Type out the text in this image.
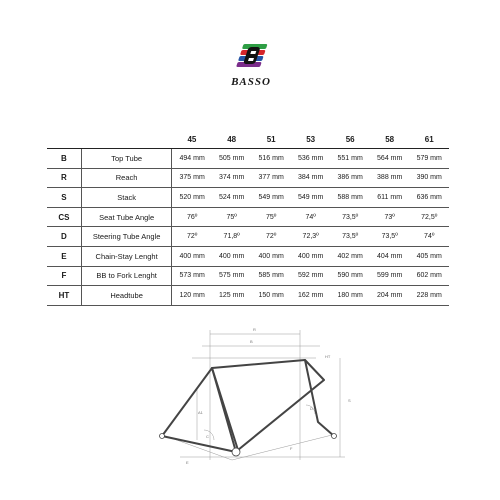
BASSO
		45	48	51	53	56	58	61
B	Top Tube	494 mm	505 mm	516 mm	536 mm	551 mm	564 mm	579 mm
R	Reach	375 mm	374 mm	377 mm	384 mm	386 mm	388 mm	390 mm
S	Stack	520 mm	524 mm	549 mm	549 mm	588 mm	611 mm	636 mm
CS	Seat Tube Angle	76º	75º	75º	74º	73,5º	73º	72,5º
D	Steering Tube Angle	72º	71,8º	72º	72,3º	73,5º	73,5º	74º
E	Chain-Stay Lenght	400 mm	400 mm	400 mm	400 mm	402 mm	404 mm	405 mm
F	BB to Fork Lenght	573 mm	575 mm	585 mm	592 mm	590 mm	599 mm	602 mm
HT	Headtube	120 mm	125 mm	150 mm	162 mm	180 mm	204 mm	228 mm
R
B
HT
S
A1
C
D
E
F
